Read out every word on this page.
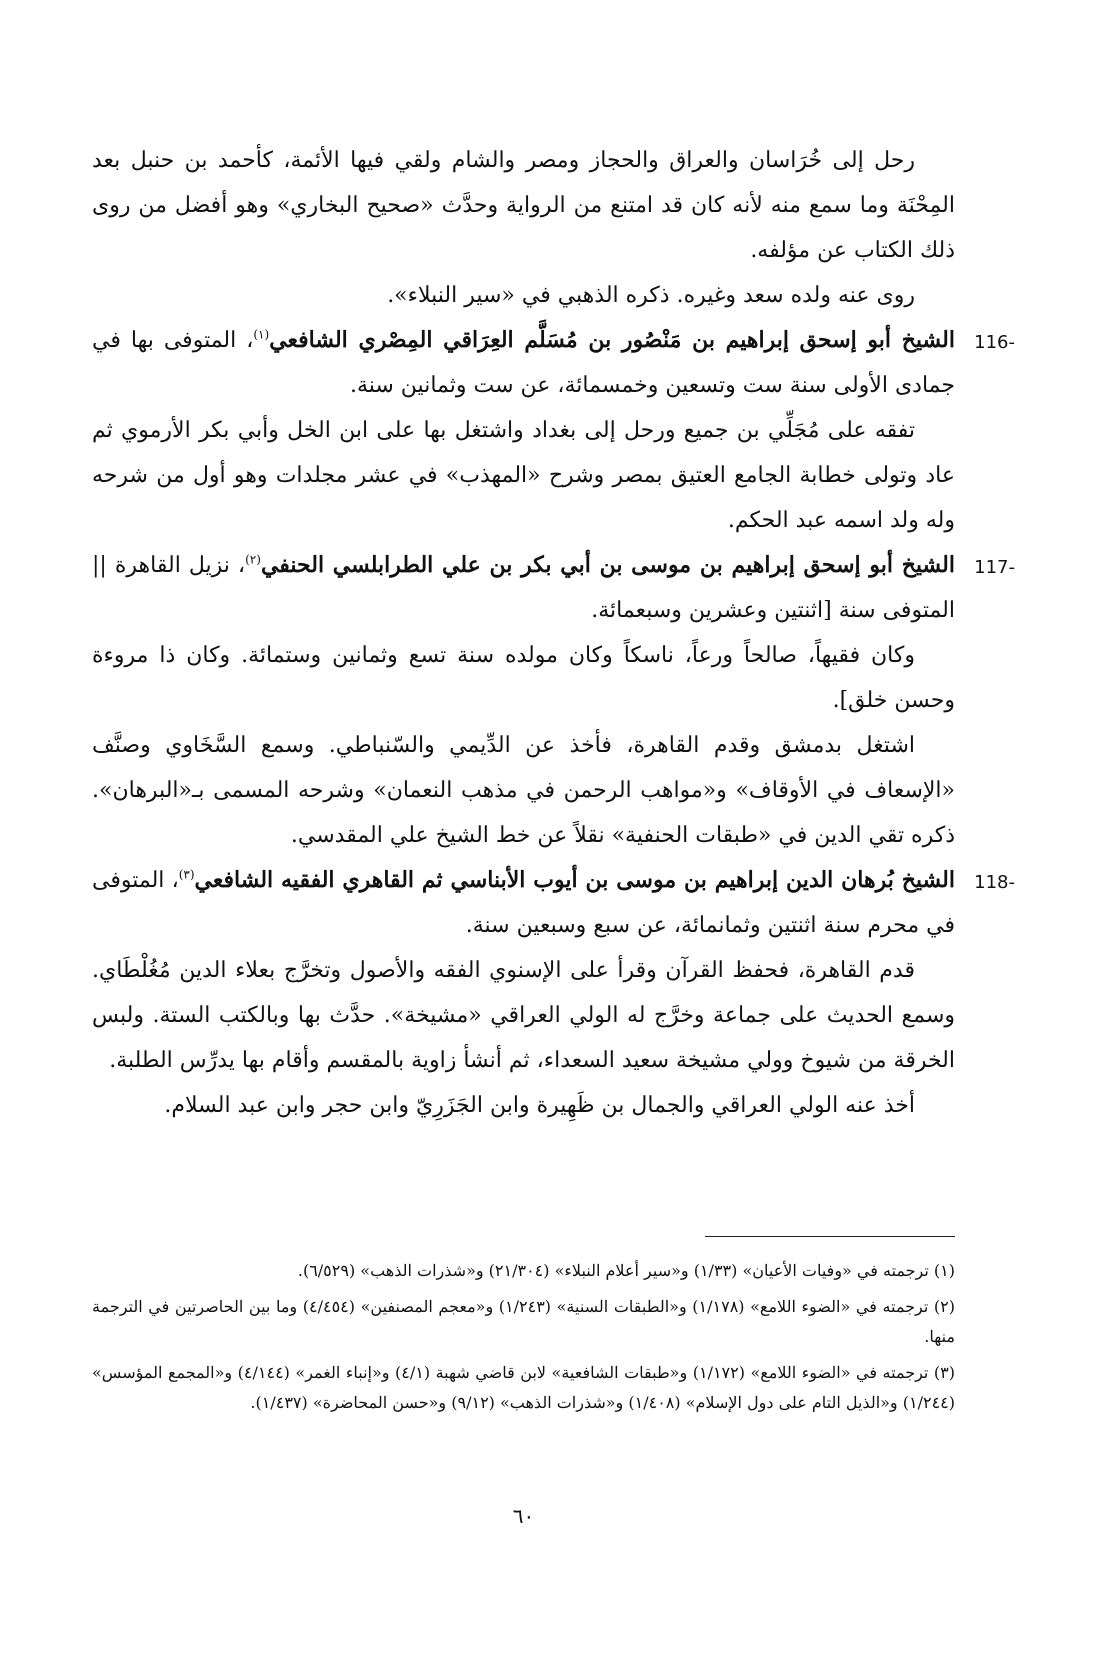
رحل إلى خُرَاسان والعراق والحجاز ومصر والشام ولقي فيها الأئمة، كأحمد بن حنبل بعد المِحْنَة وما سمع منه لأنه كان قد امتنع من الرواية وحدَّث «صحيح البخاري» وهو أفضل من روى ذلك الكتاب عن مؤلفه.

روى عنه ولده سعد وغيره. ذكره الذهبي في «سير النبلاء».

116-
الشيخ أبو إسحق إبراهيم بن مَنْصُور بن مُسَلَّم العِرَاقي المِصْري الشافعي$^{(١)}$، المتوفى بها في جمادى الأولى سنة ست وتسعين وخمسمائة، عن ست وثمانين سنة.

تفقه على مُجَلِّي بن جميع ورحل إلى بغداد واشتغل بها على ابن الخل وأبي بكر الأرموي ثم عاد وتولى خطابة الجامع العتيق بمصر وشرح «المهذب» في عشر مجلدات وهو أول من شرحه وله ولد اسمه عبد الحكم.

117-
الشيخ أبو إسحق إبراهيم بن موسى بن أبي بكر بن علي الطرابلسي الحنفي$^{(٢)}$، نزيل القاهرة || المتوفى سنة [اثنتين وعشرين وسبعمائة.

وكان فقيهاً، صالحاً ورعاً، ناسكاً وكان مولده سنة تسع وثمانين وستمائة. وكان ذا مروءة وحسن خلق].

اشتغل بدمشق وقدم القاهرة، فأخذ عن الدِّيمي والسّنباطي. وسمع السَّخَاوي وصنَّف «الإسعاف في الأوقاف» و«مواهب الرحمن في مذهب النعمان» وشرحه المسمى بـ«البرهان». ذكره تقي الدين في «طبقات الحنفية» نقلاً عن خط الشيخ علي المقدسي.

118-
الشيخ بُرهان الدين إبراهيم بن موسى بن أيوب الأبناسي ثم القاهري الفقيه الشافعي$^{(٣)}$، المتوفى في محرم سنة اثنتين وثمانمائة، عن سبع وسبعين سنة.

قدم القاهرة، فحفظ القرآن وقرأ على الإسنوي الفقه والأصول وتخرَّج بعلاء الدين مُغُلْطَاي. وسمع الحديث على جماعة وخرَّج له الولي العراقي «مشيخة». حدَّث بها وبالكتب الستة. ولبس الخرقة من شيوخ وولي مشيخة سعيد السعداء، ثم أنشأ زاوية بالمقسم وأقام بها يدرِّس الطلبة.

أخذ عنه الولي العراقي والجمال بن ظَهِيرة وابن الجَزَرِيّ وابن حجر وابن عبد السلام.

(١) ترجمته في «وفيات الأعيان» (١/٣٣) و«سير أعلام النبلاء» (٢١/٣٠٤) و«شذرات الذهب» (٦/٥٢٩).

(٢) ترجمته في «الضوء اللامع» (١/١٧٨) و«الطبقات السنية» (١/٢٤٣) و«معجم المصنفين» (٤/٤٥٤) وما بين الحاصرتين في الترجمة منها.

(٣) ترجمته في «الضوء اللامع» (١/١٧٢) و«طبقات الشافعية» لابن قاضي شهبة (٤/١) و«إنباء الغمر» (٤/١٤٤) و«المجمع المؤسس» (١/٢٤٤) و«الذيل التام على دول الإسلام» (١/٤٠٨) و«شذرات الذهب» (٩/١٢) و«حسن المحاضرة» (١/٤٣٧).

٦٠
